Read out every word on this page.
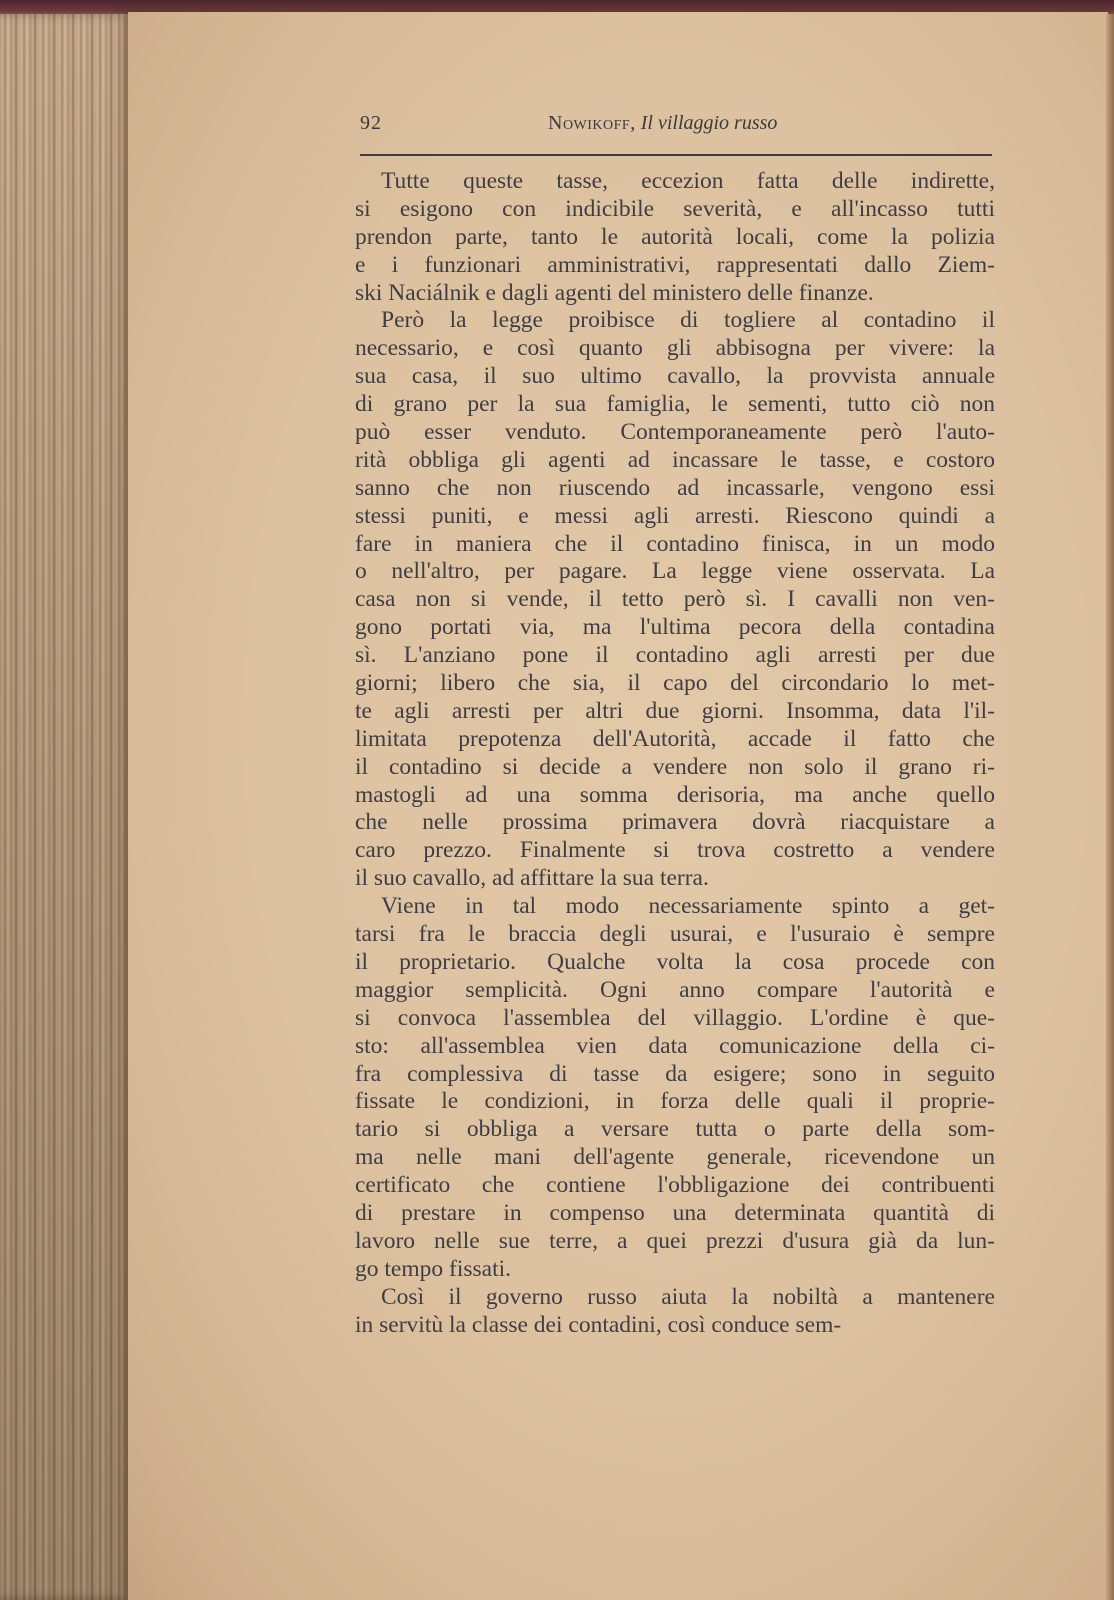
92	Nowikoff, Il villaggio russo
Tutte queste tasse, eccezion fatta delle indirette,
si esigono con indicibile severità, e all'incasso tutti
prendon parte, tanto le autorità locali, come la polizia
e i funzionari amministrativi, rappresentati dallo Ziem-
ski Naciálnik e dagli agenti del ministero delle finanze.
Però la legge proibisce di togliere al contadino il
necessario, e così quanto gli abbisogna per vivere: la
sua casa, il suo ultimo cavallo, la provvista annuale
di grano per la sua famiglia, le sementi, tutto ciò non
può esser venduto. Contemporaneamente però l'auto-
rità obbliga gli agenti ad incassare le tasse, e costoro
sanno che non riuscendo ad incassarle, vengono essi
stessi puniti, e messi agli arresti. Riescono quindi a
fare in maniera che il contadino finisca, in un modo
o nell'altro, per pagare. La legge viene osservata. La
casa non si vende, il tetto però sì. I cavalli non ven-
gono portati via, ma l'ultima pecora della contadina
sì. L'anziano pone il contadino agli arresti per due
giorni; libero che sia, il capo del circondario lo met-
te agli arresti per altri due giorni. Insomma, data l'il-
limitata prepotenza dell'Autorità, accade il fatto che
il contadino si decide a vendere non solo il grano ri-
mastogli ad una somma derisoria, ma anche quello
che nelle prossima primavera dovrà riacquistare a
caro prezzo. Finalmente si trova costretto a vendere
il suo cavallo, ad affittare la sua terra.
Viene in tal modo necessariamente spinto a get-
tarsi fra le braccia degli usurai, e l'usuraio è sempre
il proprietario. Qualche volta la cosa procede con
maggior semplicità. Ogni anno compare l'autorità e
si convoca l'assemblea del villaggio. L'ordine è que-
sto: all'assemblea vien data comunicazione della ci-
fra complessiva di tasse da esigere; sono in seguito
fissate le condizioni, in forza delle quali il proprie-
tario si obbliga a versare tutta o parte della som-
ma nelle mani dell'agente generale, ricevendone un
certificato che contiene l'obbligazione dei contribuenti
di prestare in compenso una determinata quantità di
lavoro nelle sue terre, a quei prezzi d'usura già da lun-
go tempo fissati.
Così il governo russo aiuta la nobiltà a mantenere
in servitù la classe dei contadini, così conduce sem-
